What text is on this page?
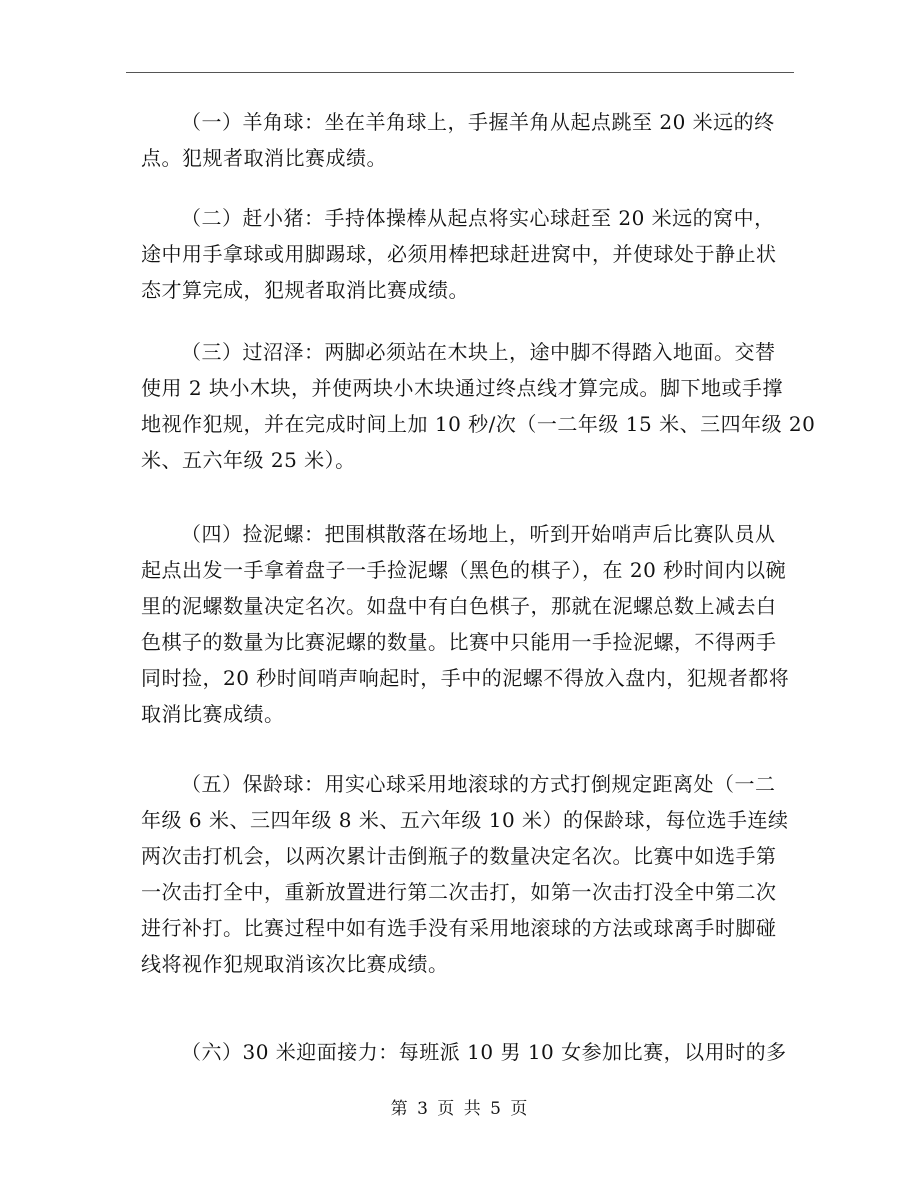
（一）羊角球：坐在羊角球上，手握羊角从起点跳至 20 米远的终
点。犯规者取消比赛成绩。

（二）赶小猪：手持体操棒从起点将实心球赶至 20 米远的窝中，
途中用手拿球或用脚踢球，必须用棒把球赶进窝中，并使球处于静止状
态才算完成，犯规者取消比赛成绩。

（三）过沼泽：两脚必须站在木块上，途中脚不得踏入地面。交替
使用 2 块小木块，并使两块小木块通过终点线才算完成。脚下地或手撑
地视作犯规，并在完成时间上加 10 秒/次（一二年级 15 米、三四年级 20
米、五六年级 25 米）。

（四）捡泥螺：把围棋散落在场地上，听到开始哨声后比赛队员从
起点出发一手拿着盘子一手捡泥螺（黑色的棋子），在 20 秒时间内以碗
里的泥螺数量决定名次。如盘中有白色棋子，那就在泥螺总数上减去白
色棋子的数量为比赛泥螺的数量。比赛中只能用一手捡泥螺，不得两手
同时捡，20 秒时间哨声响起时，手中的泥螺不得放入盘内，犯规者都将
取消比赛成绩。

（五）保龄球：用实心球采用地滚球的方式打倒规定距离处（一二
年级 6 米、三四年级 8 米、五六年级 10 米）的保龄球，每位选手连续
两次击打机会，以两次累计击倒瓶子的数量决定名次。比赛中如选手第
一次击打全中，重新放置进行第二次击打，如第一次击打没全中第二次
进行补打。比赛过程中如有选手没有采用地滚球的方法或球离手时脚碰
线将视作犯规取消该次比赛成绩。

（六）30 米迎面接力：每班派 10 男 10 女参加比赛，以用时的多

第 3 页 共 5 页
